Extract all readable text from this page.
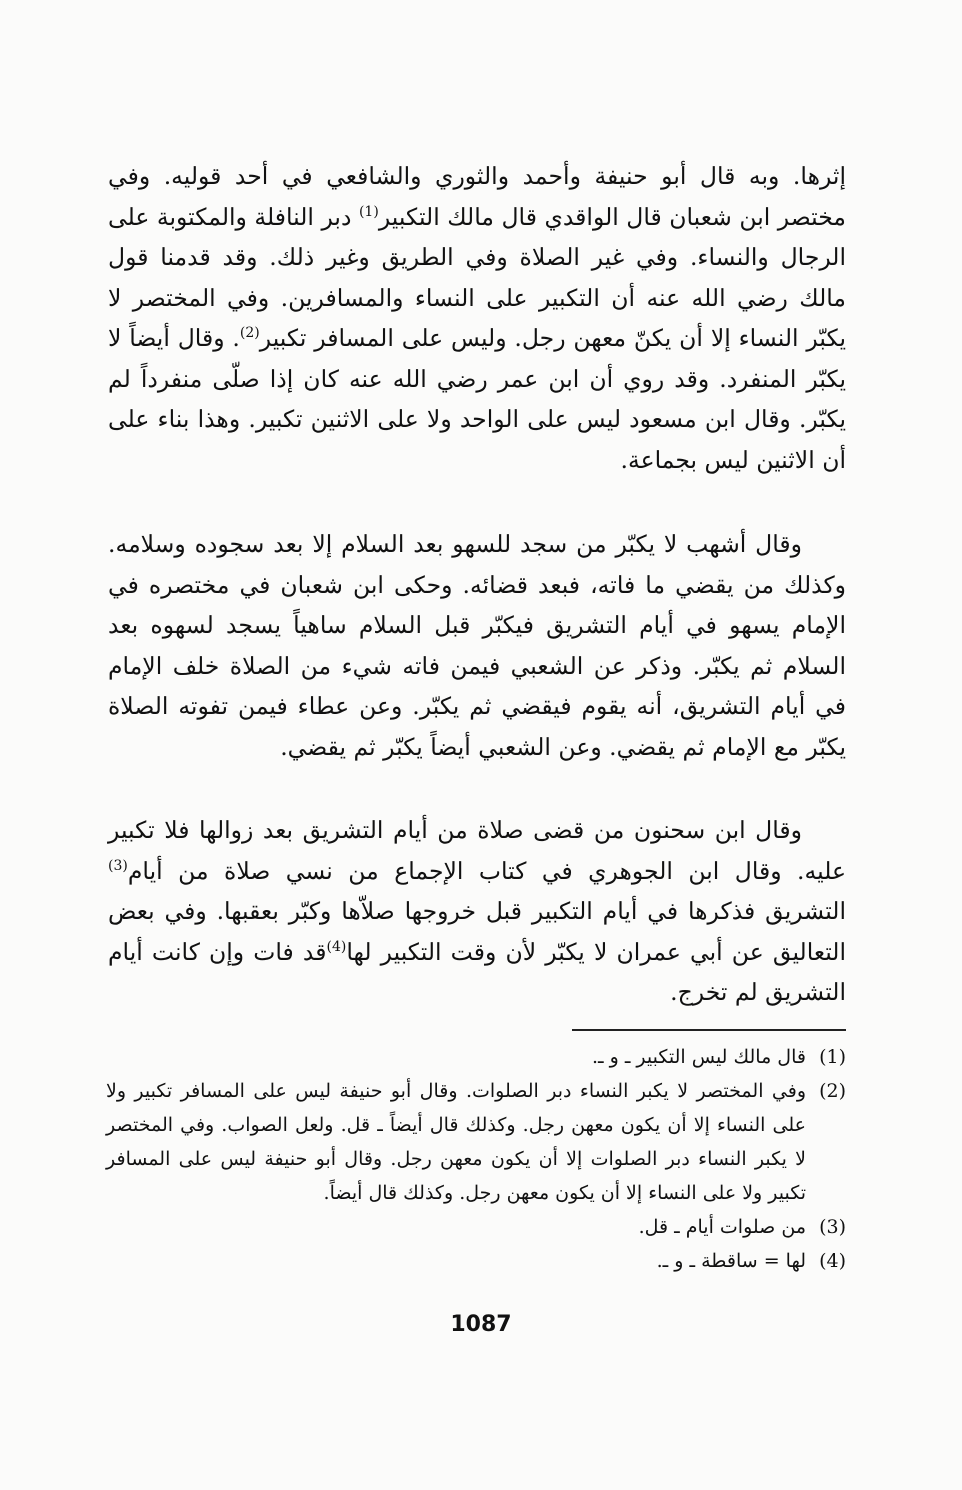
إثرها. وبه قال أبو حنيفة وأحمد والثوري والشافعي في أحد قوليه. وفي مختصر ابن شعبان قال الواقدي قال مالك التكبير$^{(1)}$ دبر النافلة والمكتوبة على الرجال والنساء. وفي غير الصلاة وفي الطريق وغير ذلك. وقد قدمنا قول مالك رضي الله عنه أن التكبير على النساء والمسافرين. وفي المختصر لا يكبّر النساء إلا أن يكنّ معهن رجل. وليس على المسافر تكبير$^{(2)}$. وقال أيضاً لا يكبّر المنفرد. وقد روي أن ابن عمر رضي الله عنه كان إذا صلّى منفرداً لم يكبّر. وقال ابن مسعود ليس على الواحد ولا على الاثنين تكبير. وهذا بناء على أن الاثنين ليس بجماعة.

وقال أشهب لا يكبّر من سجد للسهو بعد السلام إلا بعد سجوده وسلامه. وكذلك من يقضي ما فاته، فبعد قضائه. وحكى ابن شعبان في مختصره في الإمام يسهو في أيام التشريق فيكبّر قبل السلام ساهياً يسجد لسهوه بعد السلام ثم يكبّر. وذكر عن الشعبي فيمن فاته شيء من الصلاة خلف الإمام في أيام التشريق، أنه يقوم فيقضي ثم يكبّر. وعن عطاء فيمن تفوته الصلاة يكبّر مع الإمام ثم يقضي. وعن الشعبي أيضاً يكبّر ثم يقضي.

وقال ابن سحنون من قضى صلاة من أيام التشريق بعد زوالها فلا تكبير عليه. وقال ابن الجوهري في كتاب الإجماع من نسي صلاة من أيام$^{(3)}$ التشريق فذكرها في أيام التكبير قبل خروجها صلاّها وكبّر بعقبها. وفي بعض التعاليق عن أبي عمران لا يكبّر لأن وقت التكبير لها$^{(4)}$قد فات وإن كانت أيام التشريق لم تخرج.

(1)
قال مالك ليس التكبير ـ و ـ.
(2)
وفي المختصر لا يكبر النساء دبر الصلوات. وقال أبو حنيفة ليس على المسافر تكبير ولا على النساء إلا أن يكون معهن رجل. وكذلك قال أيضاً ـ قل. ولعل الصواب. وفي المختصر لا يكبر النساء دبر الصلوات إلا أن يكون معهن رجل. وقال أبو حنيفة ليس على المسافر تكبير ولا على النساء إلا أن يكون معهن رجل. وكذلك قال أيضاً.
(3)
من صلوات أيام ـ قل.
(4)
لها = ساقطة ـ و ـ.
1087
